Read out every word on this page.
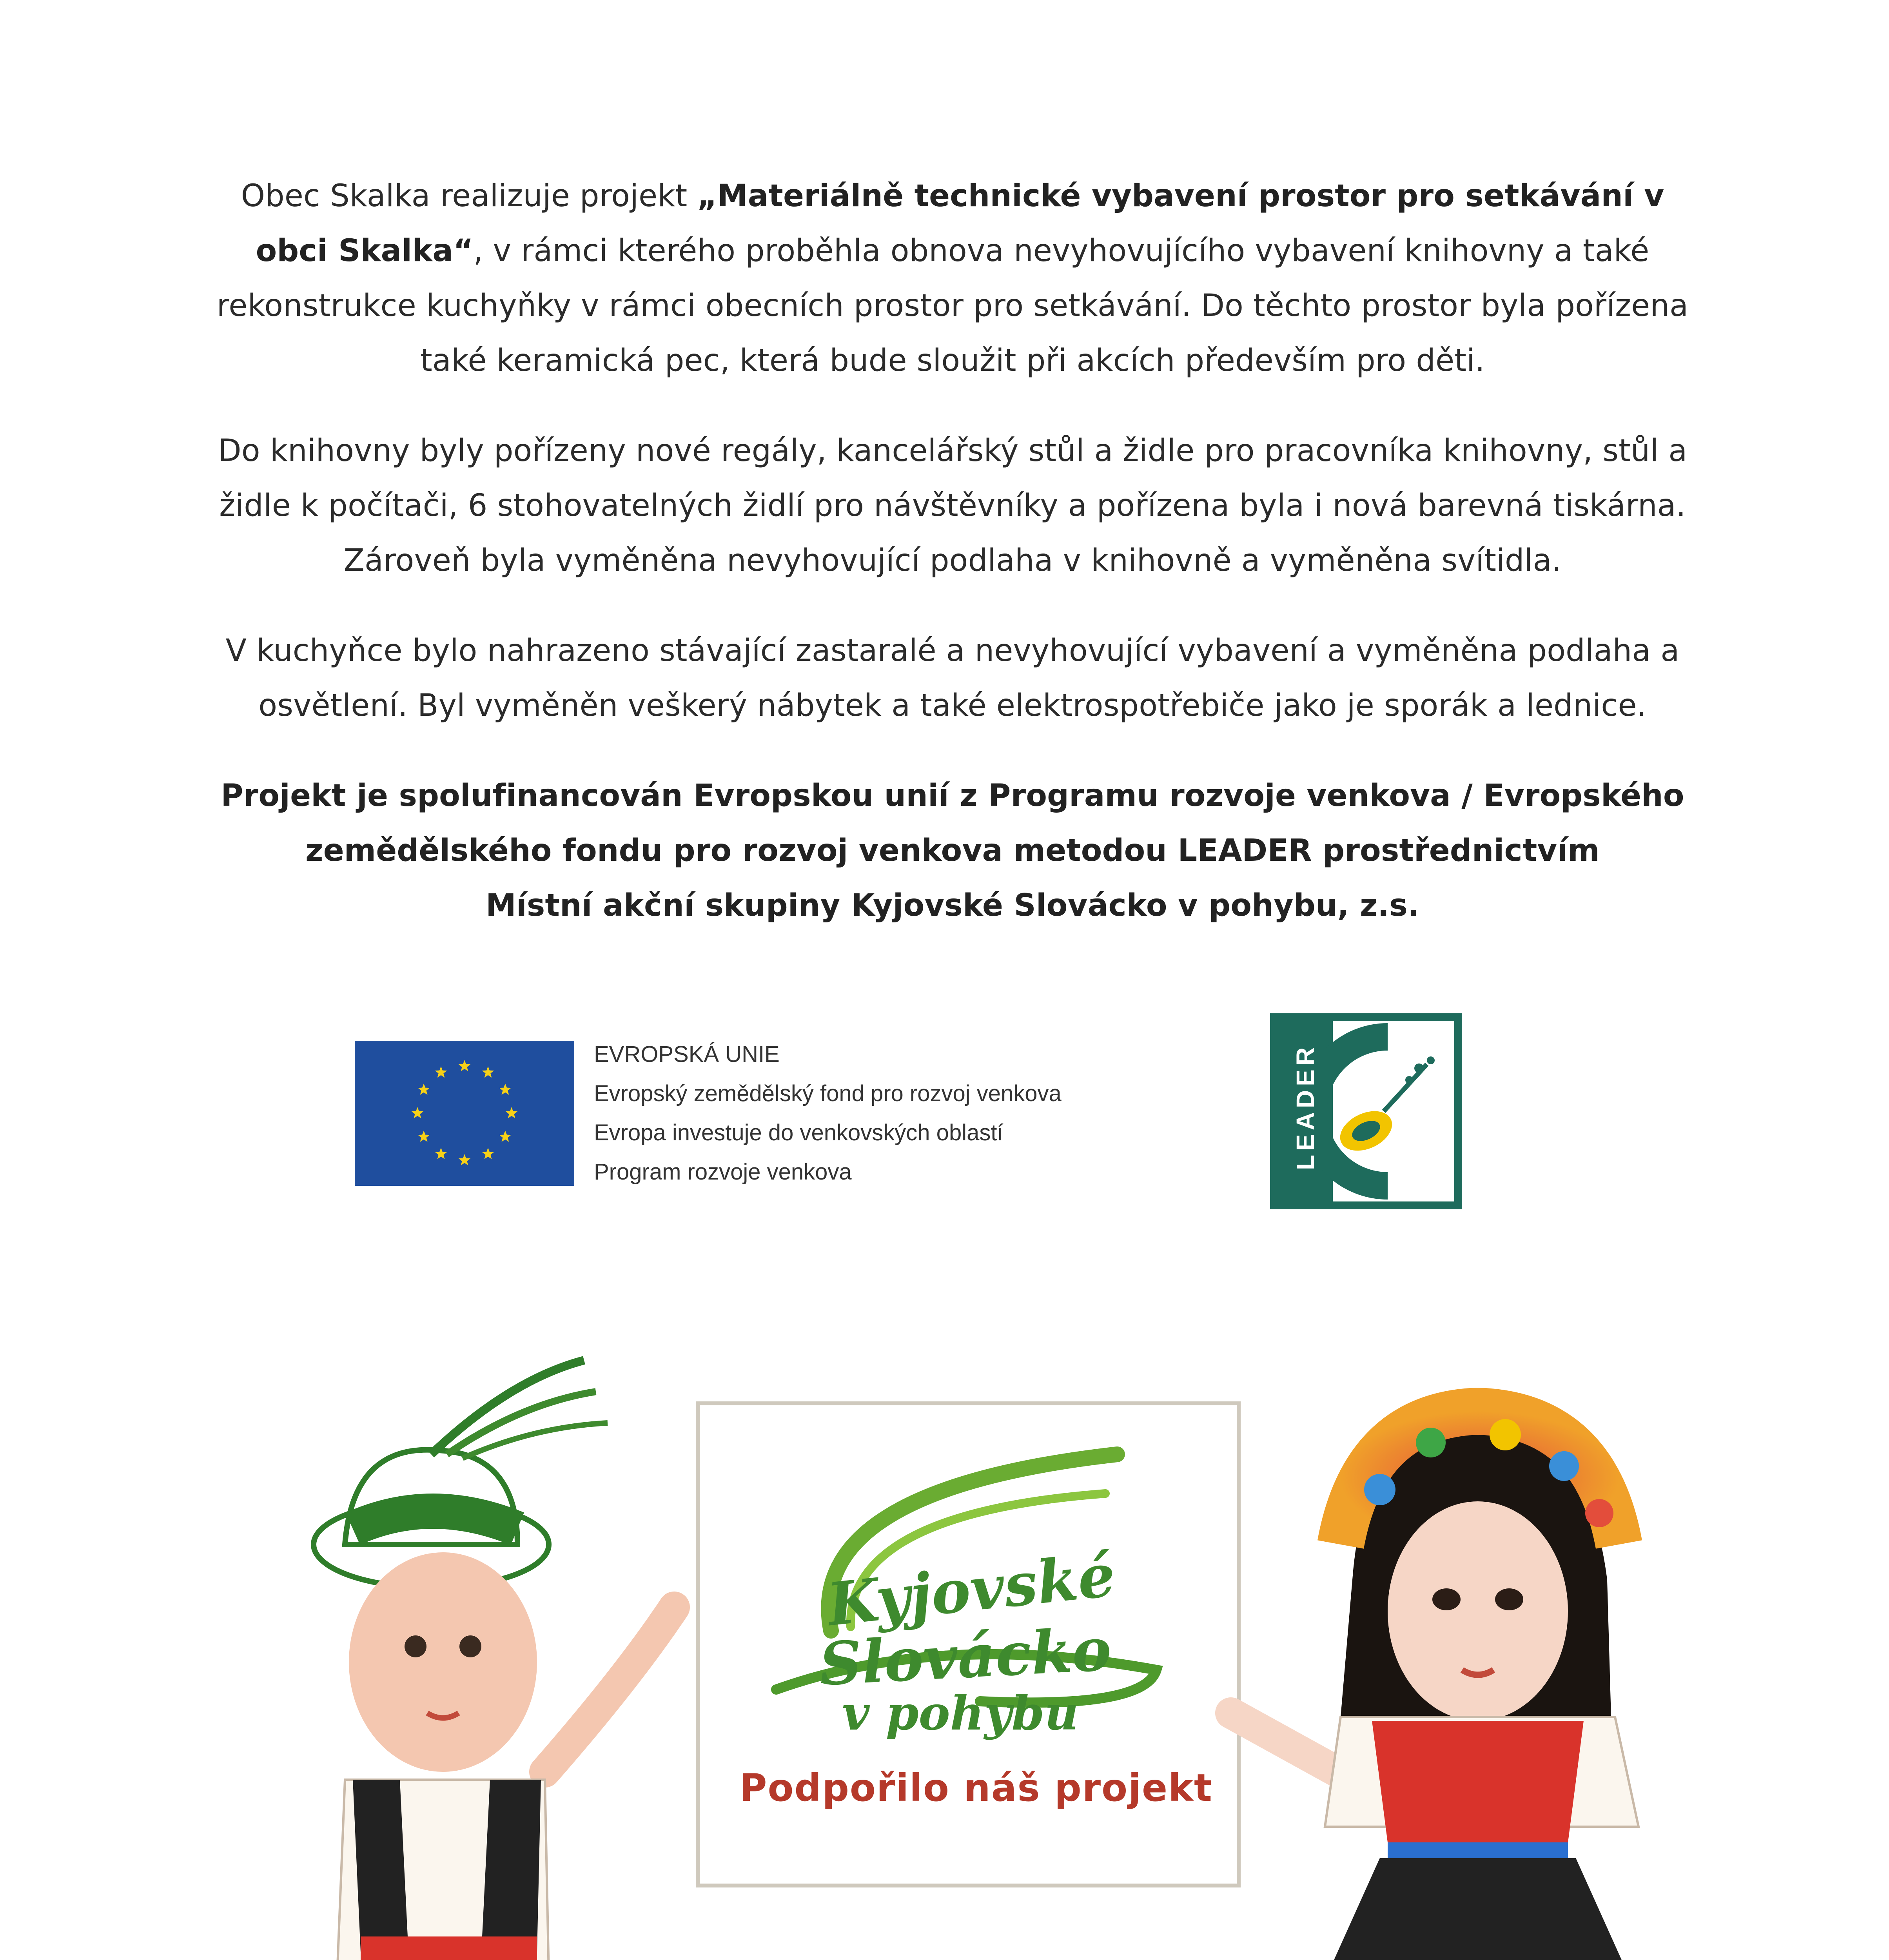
Obec Skalka realizuje projekt „Materiálně technické vybavení prostor pro setkávání v obci Skalka“, v rámci kterého proběhla obnova nevyhovujícího vybavení knihovny a také rekonstrukce kuchyňky v rámci obecních prostor pro setkávání. Do těchto prostor byla pořízena také keramická pec, která bude sloužit při akcích především pro děti.

Do knihovny byly pořízeny nové regály, kancelářský stůl a židle pro pracovníka knihovny, stůl a židle k počítači, 6 stohovatelných židlí pro návštěvníky a pořízena byla i nová barevná tiskárna. Zároveň byla vyměněna nevyhovující podlaha v knihovně a vyměněna svítidla.

V kuchyňce bylo nahrazeno stávající zastaralé a nevyhovující vybavení a vyměněna podlaha a osvětlení. Byl vyměněn veškerý nábytek a také elektrospotřebiče jako je sporák a lednice.

Projekt je spolufinancován Evropskou unií z Programu rozvoje venkova / Evropského
zemědělského fondu pro rozvoj venkova metodou LEADER prostřednictvím
Místní akční skupiny Kyjovské Slovácko v pohybu, z.s.

EVROPSKÁ UNIE
Evropský zemědělský fond pro rozvoj venkova
Evropa investuje do venkovských oblastí
Program rozvoje venkova
LEADER
Kyjovské
Slovácko
v pohybu
Podpořilo náš projekt
